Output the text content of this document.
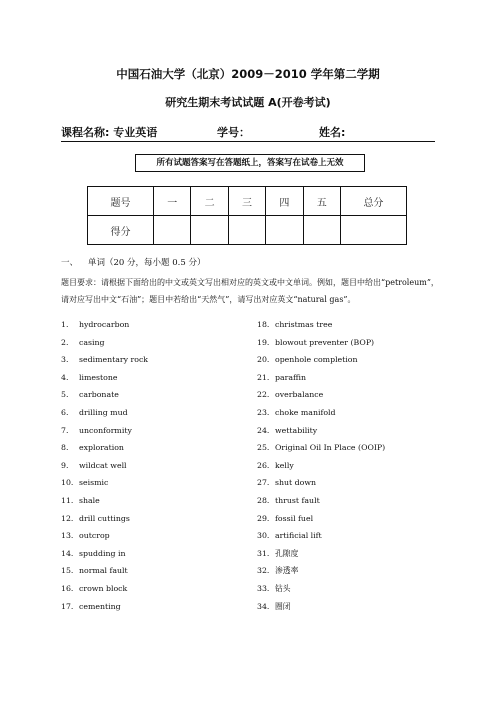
中国石油大学（北京）2009－2010 学年第二学期
研究生期末考试试题 A(开卷考试)
课程名称: 专业英语	学号：	姓名:
所有试题答案写在答题纸上，答案写在试卷上无效
题号	一	二	三	四	五	总分
得分						
一、 单词（20 分，每小题 0.5 分）
题目要求：请根据下面给出的中文或英文写出相对应的英文或中文单词。例如，题目中给出“petroleum”，请对应写出中文“石油”；题目中若给出“天然气”，请写出对应英文“natural gas”。
1. hydrocarbon
2. casing
3. sedimentary rock
4. limestone
5. carbonate
6. drilling mud
7. unconformity
8. exploration
9. wildcat well
10. seismic
11. shale
12. drill cuttings
13. outcrop
14. spudding in
15. normal fault
16. crown block
17. cementing
18. christmas tree
19. blowout preventer (BOP)
20. openhole completion
21. paraffin
22. overbalance
23. choke manifold
24. wettability
25. Original Oil In Place (OOIP)
26. kelly
27. shut down
28. thrust fault
29. fossil fuel
30. artificial lift
31. 孔隙度
32. 渗透率
33. 钻头
34. 圈闭
